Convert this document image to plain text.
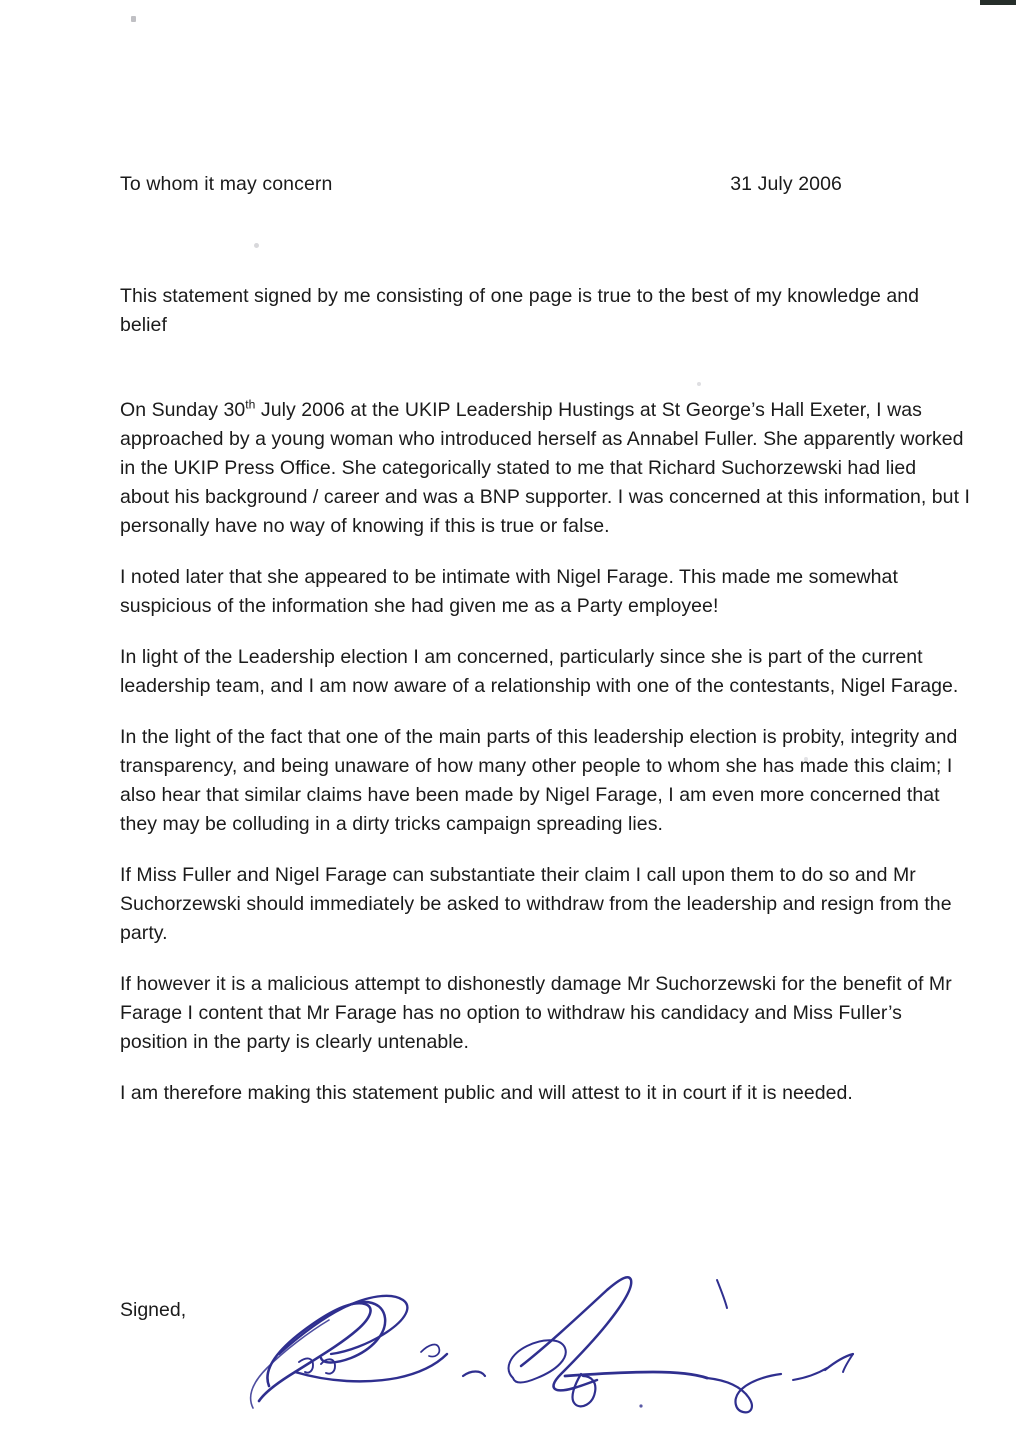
To whom it may concern	31 July 2006

This statement signed by me consisting of one page is true to the best of my knowledge and belief

On Sunday 30th July 2006 at the UKIP Leadership Hustings at St George’s Hall Exeter, I was approached by a young woman who introduced herself as Annabel Fuller. She apparently worked in the UKIP Press Office. She categorically stated to me that Richard Suchorzewski had lied about his background / career and was a BNP supporter. I was concerned at this information, but I personally have no way of knowing if this is true or false.

I noted later that she appeared to be intimate with Nigel Farage. This made me somewhat suspicious of the information she had given me as a Party employee!

In light of the Leadership election I am concerned, particularly since she is part of the current leadership team, and I am now aware of a relationship with one of the contestants, Nigel Farage.

In the light of the fact that one of the main parts of this leadership election is probity, integrity and transparency, and being unaware of how many other people to whom she has made this claim; I also hear that similar claims have been made by Nigel Farage, I am even more concerned that they may be colluding in a dirty tricks campaign spreading lies.

If Miss Fuller and Nigel Farage can substantiate their claim I call upon them to do so and Mr Suchorzewski should immediately be asked to withdraw from the leadership and resign from the party.

If however it is a malicious attempt to dishonestly damage Mr Suchorzewski for the benefit of Mr Farage I content that Mr Farage has no option to withdraw his candidacy and Miss Fuller’s position in the party is clearly untenable.

I am therefore making this statement public and will attest to it in court if it is needed.

Signed,
